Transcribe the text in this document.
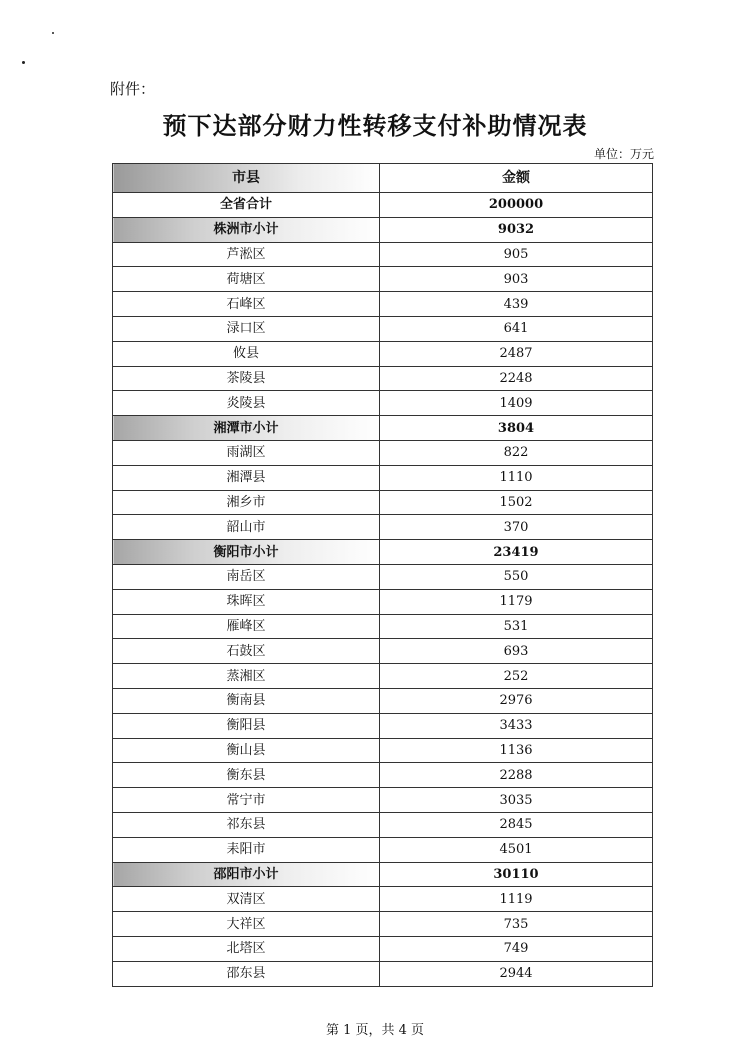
附件：
预下达部分财力性转移支付补助情况表
单位：万元
市县	金额
全省合计	200000
株洲市小计	9032
芦淞区	905
荷塘区	903
石峰区	439
渌口区	641
攸县	2487
茶陵县	2248
炎陵县	1409
湘潭市小计	3804
雨湖区	822
湘潭县	1110
湘乡市	1502
韶山市	370
衡阳市小计	23419
南岳区	550
珠晖区	1179
雁峰区	531
石鼓区	693
蒸湘区	252
衡南县	2976
衡阳县	3433
衡山县	1136
衡东县	2288
常宁市	3035
祁东县	2845
耒阳市	4501
邵阳市小计	30110
双清区	1119
大祥区	735
北塔区	749
邵东县	2944
第 1 页，共 4 页
